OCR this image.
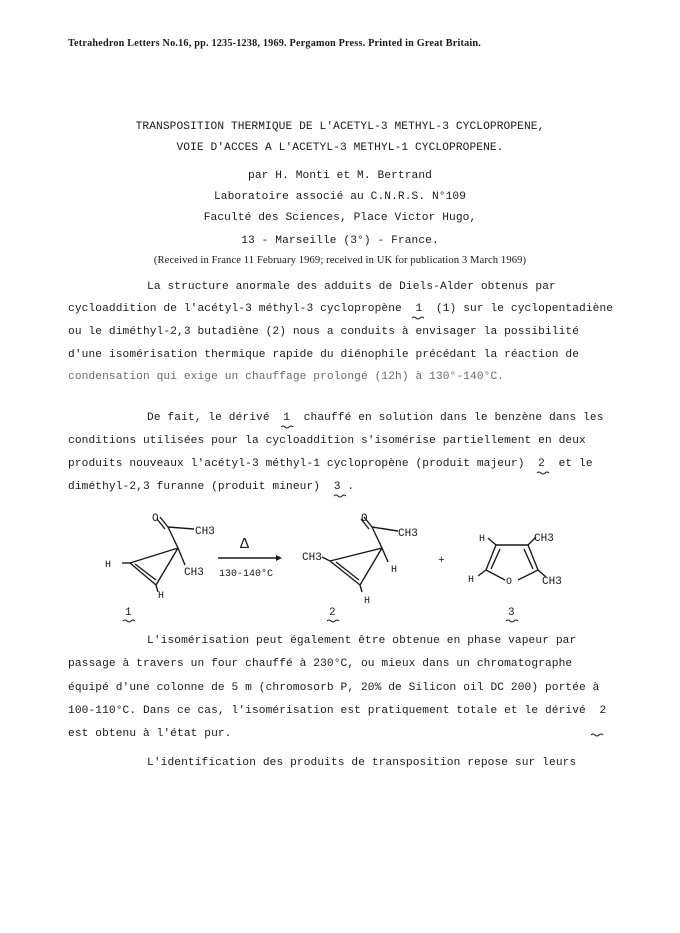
Tetrahedron Letters No.16, pp. 1235-1238, 1969. Pergamon Press. Printed in Great Britain.
TRANSPOSITION THERMIQUE DE L'ACETYL-3 METHYL-3 CYCLOPROPENE,
VOIE D'ACCES A L'ACETYL-3 METHYL-1 CYCLOPROPENE.
par H. Monti et M. Bertrand
Laboratoire associé au C.N.R.S. N°109
Faculté des Sciences, Place Victor Hugo,
13 - Marseille (3°) - France.
(Received in France 11 February 1969; received in UK for publication 3 March 1969)
La structure anormale des adduits de Diels-Alder obtenus par
cycloaddition de l'acétyl-3 méthyl-3 cyclopropène  1  (1) sur le cyclopentadiène
ou le diméthyl-2,3 butadiène (2) nous a conduits à envisager la possibilité
d'une isomérisation thermique rapide du diénophile précédant la réaction de
condensation qui exige un chauffage prolongé (12h) à 130°-140°C.
De fait, le dérivé  1  chauffé en solution dans le benzène dans les
conditions utilisées pour la cycloaddition s'isomérise partiellement en deux
produits nouveaux l'acétyl-3 méthyl-1 cyclopropène (produit majeur)  2  et le
diméthyl-2,3 furanne (produit mineur)  3 .
O
CH3
CH3
H
H
1
Δ
130-140°C
O
CH3
CH3
H
H
2
+
H	CH3
H	O	CH3
3
L'isomérisation peut également être obtenue en phase vapeur par
passage à travers un four chauffé à 230°C, ou mieux dans un chromatographe
équipé d'une colonne de 5 m (chromosorb P, 20% de Silicon oil DC 200) portée à
100-110°C. Dans ce cas, l'isomérisation est pratiquement totale et le dérivé  2
est obtenu à l'état pur.
L'identification des produits de transposition repose sur leurs
